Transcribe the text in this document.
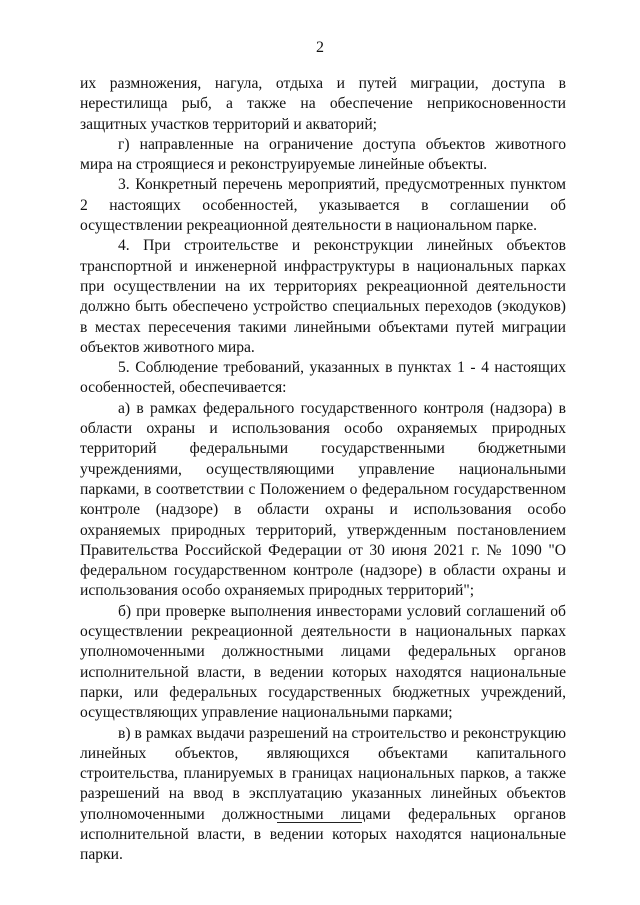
2

их размножения, нагула, отдыха и путей миграции, доступа в нерестилища рыб, а также на обеспечение неприкосновенности защитных участков территорий и акваторий;

г) направленные на ограничение доступа объектов животного мира на строящиеся и реконструируемые линейные объекты.

3. Конкретный перечень мероприятий, предусмотренных пунктом 2 настоящих особенностей, указывается в соглашении об осуществлении рекреационной деятельности в национальном парке.

4. При строительстве и реконструкции линейных объектов транспортной и инженерной инфраструктуры в национальных парках при осуществлении на их территориях рекреационной деятельности должно быть обеспечено устройство специальных переходов (экодуков) в местах пересечения такими линейными объектами путей миграции объектов животного мира.

5. Соблюдение требований, указанных в пунктах 1 - 4 настоящих особенностей, обеспечивается:

а) в рамках федерального государственного контроля (надзора) в области охраны и использования особо охраняемых природных территорий федеральными государственными бюджетными учреждениями, осуществляющими управление национальными парками, в соответствии с Положением о федеральном государственном контроле (надзоре) в области охраны и использования особо охраняемых природных территорий, утвержденным постановлением Правительства Российской Федерации от 30 июня 2021 г. № 1090 "О федеральном государственном контроле (надзоре) в области охраны и использования особо охраняемых природных территорий";

б) при проверке выполнения инвесторами условий соглашений об осуществлении рекреационной деятельности в национальных парках уполномоченными должностными лицами федеральных органов исполнительной власти, в ведении которых находятся национальные парки, или федеральных государственных бюджетных учреждений, осуществляющих управление национальными парками;

в) в рамках выдачи разрешений на строительство и реконструкцию линейных объектов, являющихся объектами капитального строительства, планируемых в границах национальных парков, а также разрешений на ввод в эксплуатацию указанных линейных объектов уполномоченными должностными лицами федеральных органов исполнительной власти, в ведении которых находятся национальные парки.
